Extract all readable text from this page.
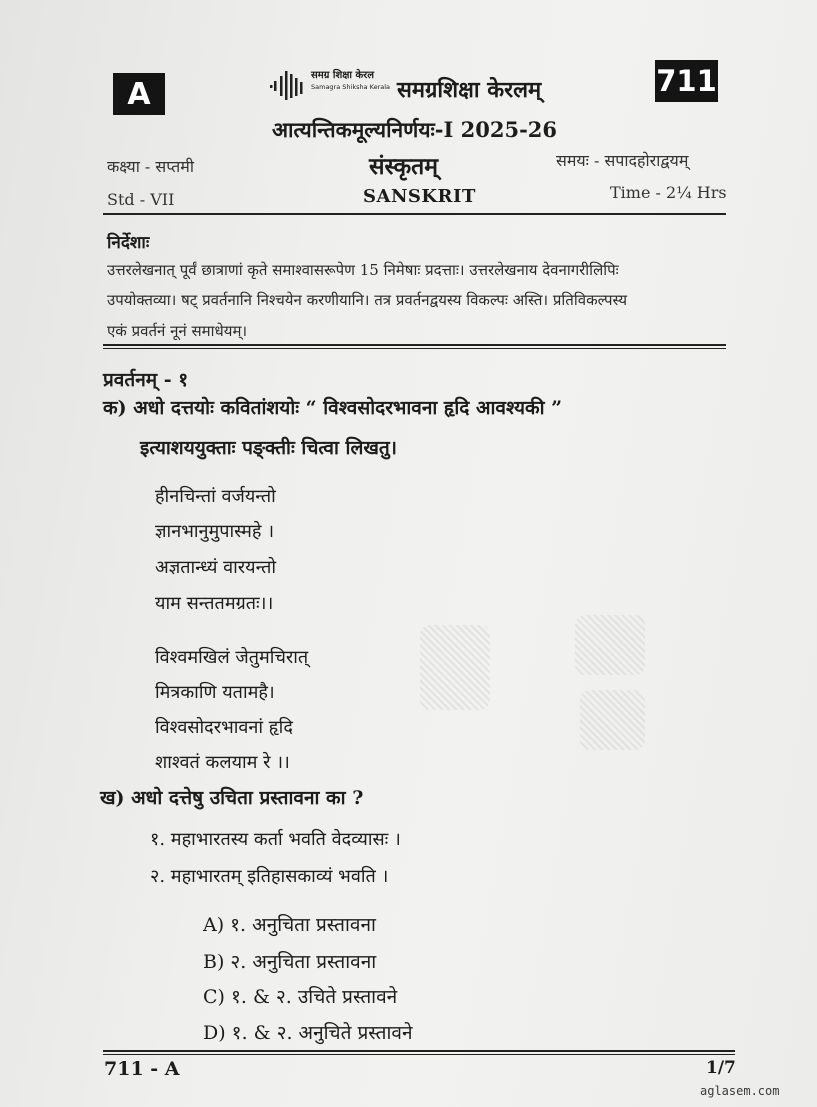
A
समग्र शिक्षा केरल
Samagra Shiksha Kerala समग्रशिक्षा केरलम्	711
आत्यन्तिकमूल्यनिर्णयः-I 2025-26
कक्ष्या - सप्तमी
Std - VII
संस्कृतम्
SANSKRIT
समयः - सपादहोराद्वयम्
Time - 2¼ Hrs
निर्देशाः
उत्तरलेखनात् पूर्वं छात्राणां कृते समाश्वासरूपेण 15 निमेषाः प्रदत्ताः। उत्तरलेखनाय देवनागरीलिपिः
उपयोक्तव्या। षट् प्रवर्तनानि निश्चयेन करणीयानि। तत्र प्रवर्तनद्वयस्य विकल्पः अस्ति। प्रतिविकल्पस्य
एकं प्रवर्तनं नूनं समाधेयम्।
प्रवर्तनम् - १
क) अधो दत्तयोः कवितांशयोः “ विश्वसोदरभावना हृदि आवश्यकी ”
इत्याशययुक्ताः पङ्क्तीः चित्वा लिखतु।
हीनचिन्तां वर्जयन्तो
ज्ञानभानुमुपास्महे ।
अज्ञतान्ध्यं वारयन्तो
याम सन्ततमग्रतः।।
विश्वमखिलं जेतुमचिरात्
मित्रकाणि यतामहै।
विश्वसोदरभावनां हृदि
शाश्वतं कलयाम रे ।।
ख) अधो दत्तेषु उचिता प्रस्तावना का ?
१. महाभारतस्य कर्ता भवति वेदव्यासः ।
२. महाभारतम् इतिहासकाव्यं भवति ।
A) १. अनुचिता प्रस्तावना
B) २. अनुचिता प्रस्तावना
C) १. & २. उचिते प्रस्तावने
D) १. & २. अनुचिते प्रस्तावने
711 - A	1/7
aglasem.com
